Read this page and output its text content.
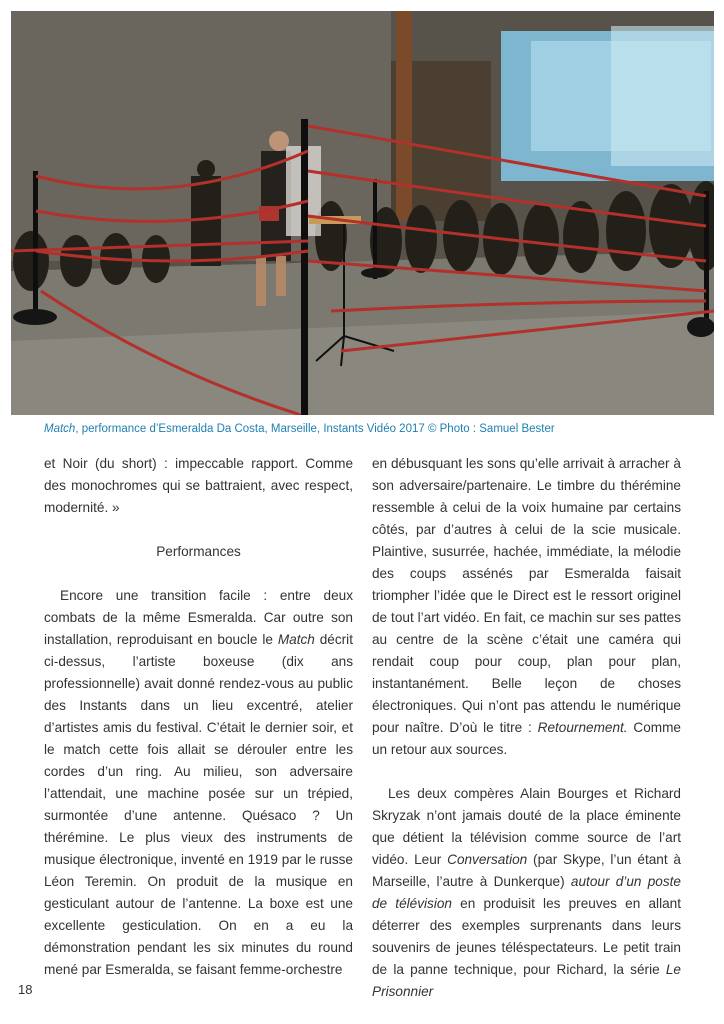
Match, performance d’Esmeralda Da Costa, Marseille, Instants Vidéo 2017 © Photo : Samuel Bester

et Noir (du short) : impeccable rapport. Comme des monochromes qui se battraient, avec respect, modernité. »

Performances

Encore une transition facile : entre deux combats de la même Esmeralda. Car outre son installation, reproduisant en boucle le Match décrit ci-dessus, l’artiste boxeuse (dix ans professionnelle) avait donné rendez-vous au public des Instants dans un lieu excentré, atelier d’artistes amis du festival. C’était le dernier soir, et le match cette fois allait se dérouler entre les cordes d’un ring. Au milieu, son adversaire l’attendait, une machine posée sur un trépied, surmontée d’une antenne. Quésaco ? Un thérémine. Le plus vieux des instruments de musique électronique, inventé en 1919 par le russe Léon Teremin. On produit de la musique en gesticulant autour de l’antenne. La boxe est une excellente gesticulation. On en a eu la démonstration pendant les six minutes du round mené par Esmeralda, se faisant femme-orchestre

en débusquant les sons qu’elle arrivait à arracher à son adversaire/partenaire. Le timbre du thérémine ressemble à celui de la voix humaine par certains côtés, par d’autres à celui de la scie musicale. Plaintive, susurrée, hachée, immédiate, la mélodie des coups assénés par Esmeralda faisait triompher l’idée que le Direct est le ressort originel de tout l’art vidéo. En fait, ce machin sur ses pattes au centre de la scène c’était une caméra qui rendait coup pour coup, plan pour plan, instantanément. Belle leçon de choses électroniques. Qui n’ont pas attendu le numérique pour naître. D’où le titre : Retournement. Comme un retour aux sources.

Les deux compères Alain Bourges et Richard Skryzak n’ont jamais douté de la place éminente que détient la télévision comme source de l’art vidéo. Leur Conversation (par Skype, l’un étant à Marseille, l’autre à Dunkerque) autour d’un poste de télévision en produisit les preuves en allant déterrer des exemples surprenants dans leurs souvenirs de jeunes téléspectateurs. Le petit train de la panne technique, pour Richard, la série Le Prisonnier

18
